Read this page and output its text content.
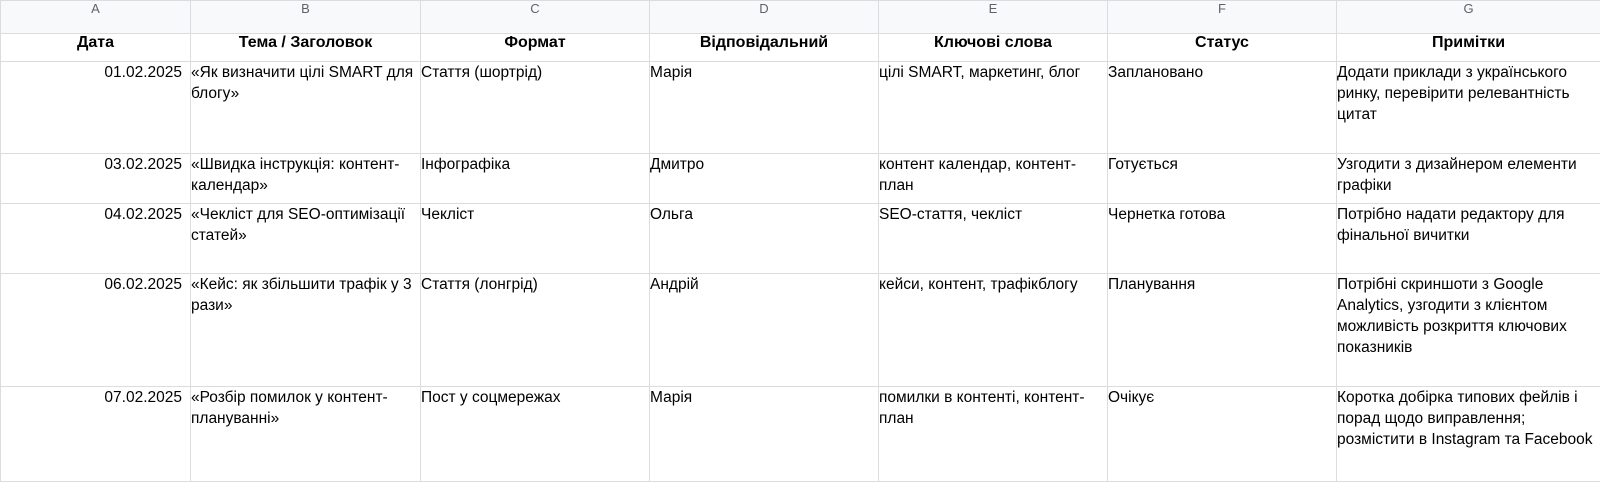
A	B	C	D	E	F	G
Дата	Тема / Заголовок	Формат	Відповідальний	Ключові слова	Статус	Примітки
01.02.2025	«Як визначити цілі SMART для блогу»	Стаття (шортрід)	Марія	цілі SMART, маркетинг, блог	Заплановано	Додати приклади з українського ринку, перевірити релевантність цитат
03.02.2025	«Швидка інструкція: контент-календар»	Інфографіка	Дмитро	контент календар, контент-план	Готується	Узгодити з дизайнером елементи графіки
04.02.2025	«Чекліст для SEO-оптимізації статей»	Чекліст	Ольга	SEO-стаття, чекліст	Чернетка готова	Потрібно надати редактору для фінальної вичитки
06.02.2025	«Кейс: як збільшити трафік у 3 рази»	Стаття (лонгрід)	Андрій	кейси, контент, трафікблогу	Планування	Потрібні скриншоти з Google Analytics, узгодити з клієнтом можливість розкриття ключових показників
07.02.2025	«Розбір помилок у контент-плануванні»	Пост у соцмережах	Марія	помилки в контенті, контент-план	Очікує	Коротка добірка типових фейлів і порад щодо виправлення; розмістити в Instagram та Facebook
